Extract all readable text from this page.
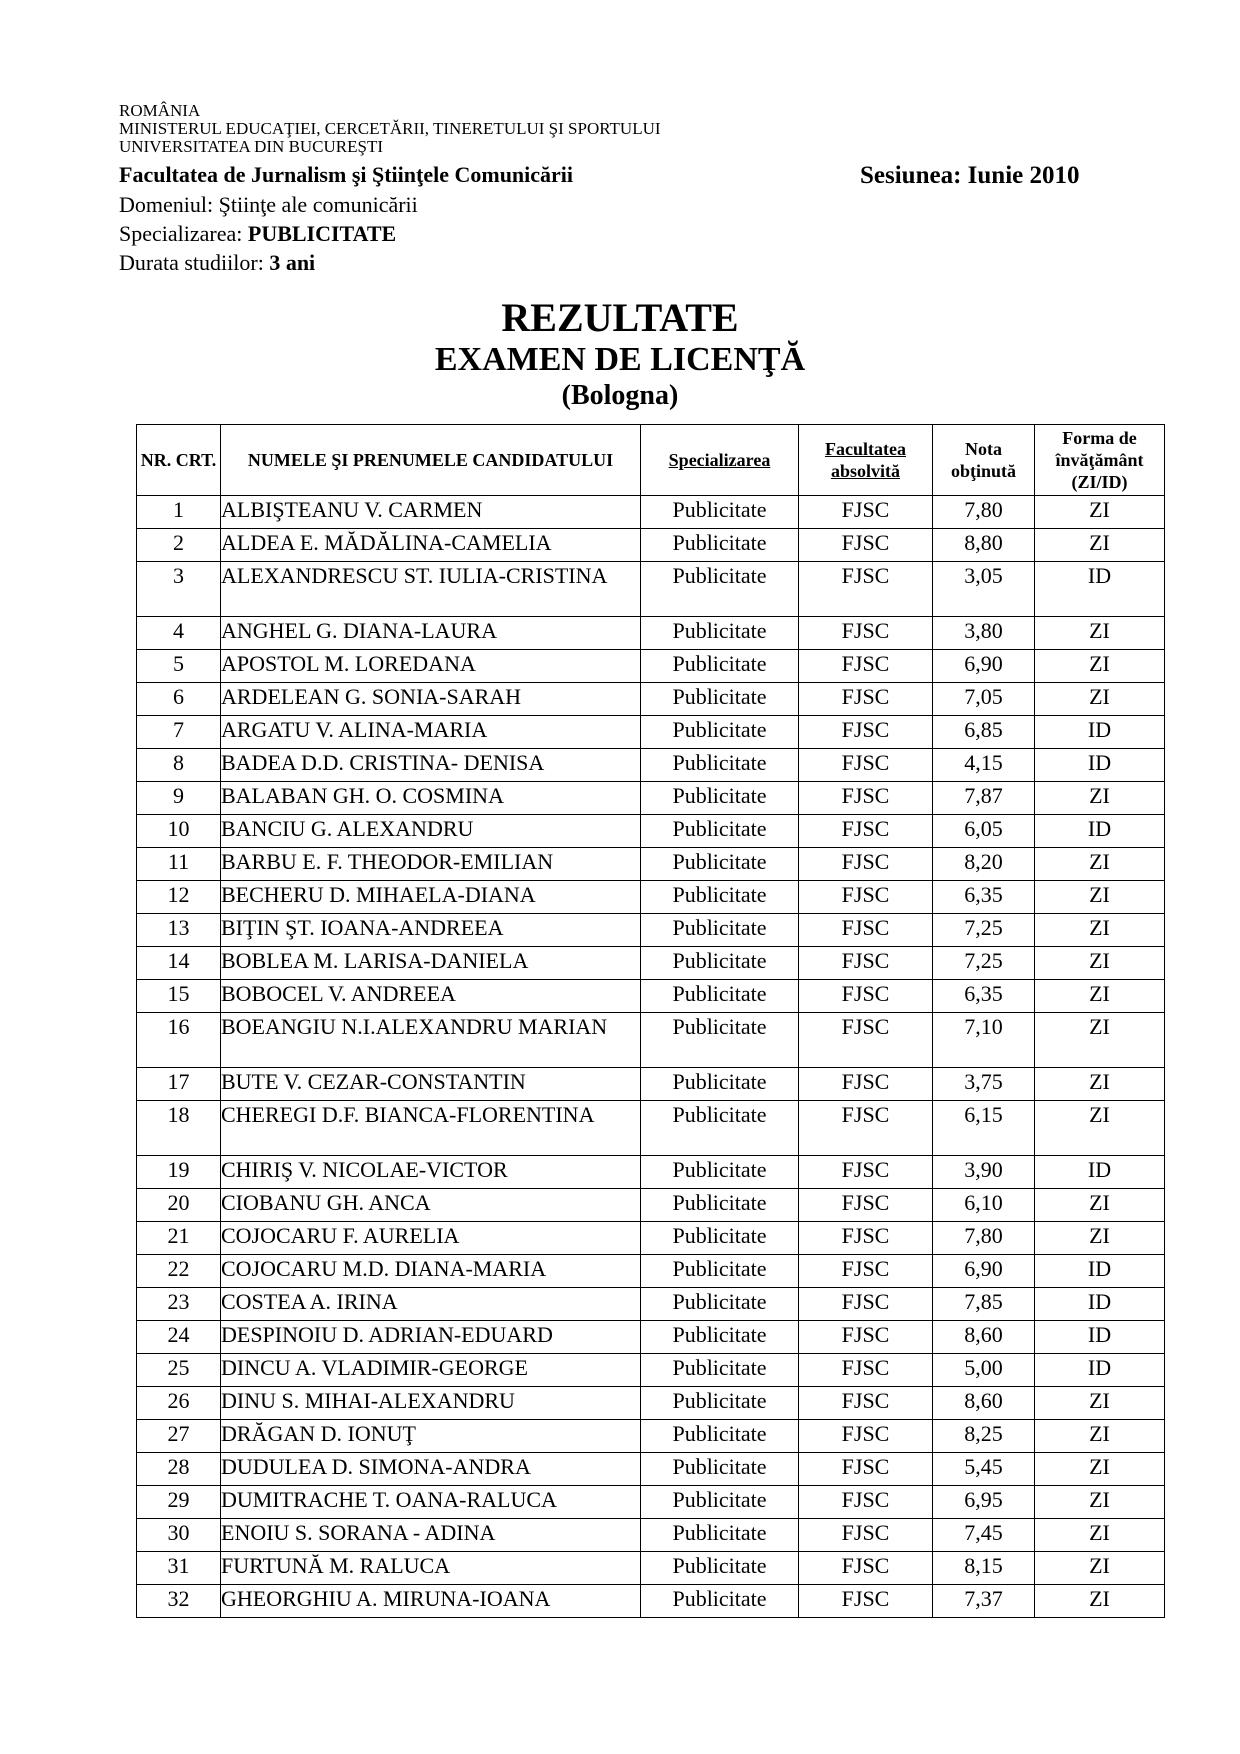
ROMÂNIA
MINISTERUL EDUCAŢIEI, CERCETĂRII, TINERETULUI ŞI SPORTULUI
UNIVERSITATEA DIN BUCUREŞTI
Facultatea de Jurnalism şi Ştiinţele Comunicării	Sesiunea: Iunie 2010
Domeniul: Ştiinţe ale comunicării
Specializarea: PUBLICITATE
Durata studiilor: 3 ani
REZULTATE
EXAMEN DE LICENŢĂ
(Bologna)
NR. CRT.	NUMELE ŞI PRENUMELE CANDIDATULUI	Specializarea	Facultatea absolvită	Nota obţinută	Forma de învăţământ (ZI/ID)
1	ALBIŞTEANU V. CARMEN	Publicitate	FJSC	7,80	ZI
2	ALDEA E. MĂDĂLINA-CAMELIA	Publicitate	FJSC	8,80	ZI
3	ALEXANDRESCU ST. IULIA-CRISTINA	Publicitate	FJSC	3,05	ID
4	ANGHEL G. DIANA-LAURA	Publicitate	FJSC	3,80	ZI
5	APOSTOL M. LOREDANA	Publicitate	FJSC	6,90	ZI
6	ARDELEAN G. SONIA-SARAH	Publicitate	FJSC	7,05	ZI
7	ARGATU V. ALINA-MARIA	Publicitate	FJSC	6,85	ID
8	BADEA D.D. CRISTINA- DENISA	Publicitate	FJSC	4,15	ID
9	BALABAN GH. O. COSMINA	Publicitate	FJSC	7,87	ZI
10	BANCIU G. ALEXANDRU	Publicitate	FJSC	6,05	ID
11	BARBU E. F. THEODOR-EMILIAN	Publicitate	FJSC	8,20	ZI
12	BECHERU D. MIHAELA-DIANA	Publicitate	FJSC	6,35	ZI
13	BIŢIN ŞT. IOANA-ANDREEA	Publicitate	FJSC	7,25	ZI
14	BOBLEA M. LARISA-DANIELA	Publicitate	FJSC	7,25	ZI
15	BOBOCEL V. ANDREEA	Publicitate	FJSC	6,35	ZI
16	BOEANGIU N.I.ALEXANDRU MARIAN	Publicitate	FJSC	7,10	ZI
17	BUTE V. CEZAR-CONSTANTIN	Publicitate	FJSC	3,75	ZI
18	CHEREGI D.F. BIANCA-FLORENTINA	Publicitate	FJSC	6,15	ZI
19	CHIRIŞ V. NICOLAE-VICTOR	Publicitate	FJSC	3,90	ID
20	CIOBANU GH. ANCA	Publicitate	FJSC	6,10	ZI
21	COJOCARU F. AURELIA	Publicitate	FJSC	7,80	ZI
22	COJOCARU M.D. DIANA-MARIA	Publicitate	FJSC	6,90	ID
23	COSTEA A. IRINA	Publicitate	FJSC	7,85	ID
24	DESPINOIU D. ADRIAN-EDUARD	Publicitate	FJSC	8,60	ID
25	DINCU A. VLADIMIR-GEORGE	Publicitate	FJSC	5,00	ID
26	DINU S. MIHAI-ALEXANDRU	Publicitate	FJSC	8,60	ZI
27	DRĂGAN D. IONUŢ	Publicitate	FJSC	8,25	ZI
28	DUDULEA D. SIMONA-ANDRA	Publicitate	FJSC	5,45	ZI
29	DUMITRACHE T. OANA-RALUCA	Publicitate	FJSC	6,95	ZI
30	ENOIU S. SORANA - ADINA	Publicitate	FJSC	7,45	ZI
31	FURTUNĂ M. RALUCA	Publicitate	FJSC	8,15	ZI
32	GHEORGHIU A. MIRUNA-IOANA	Publicitate	FJSC	7,37	ZI
